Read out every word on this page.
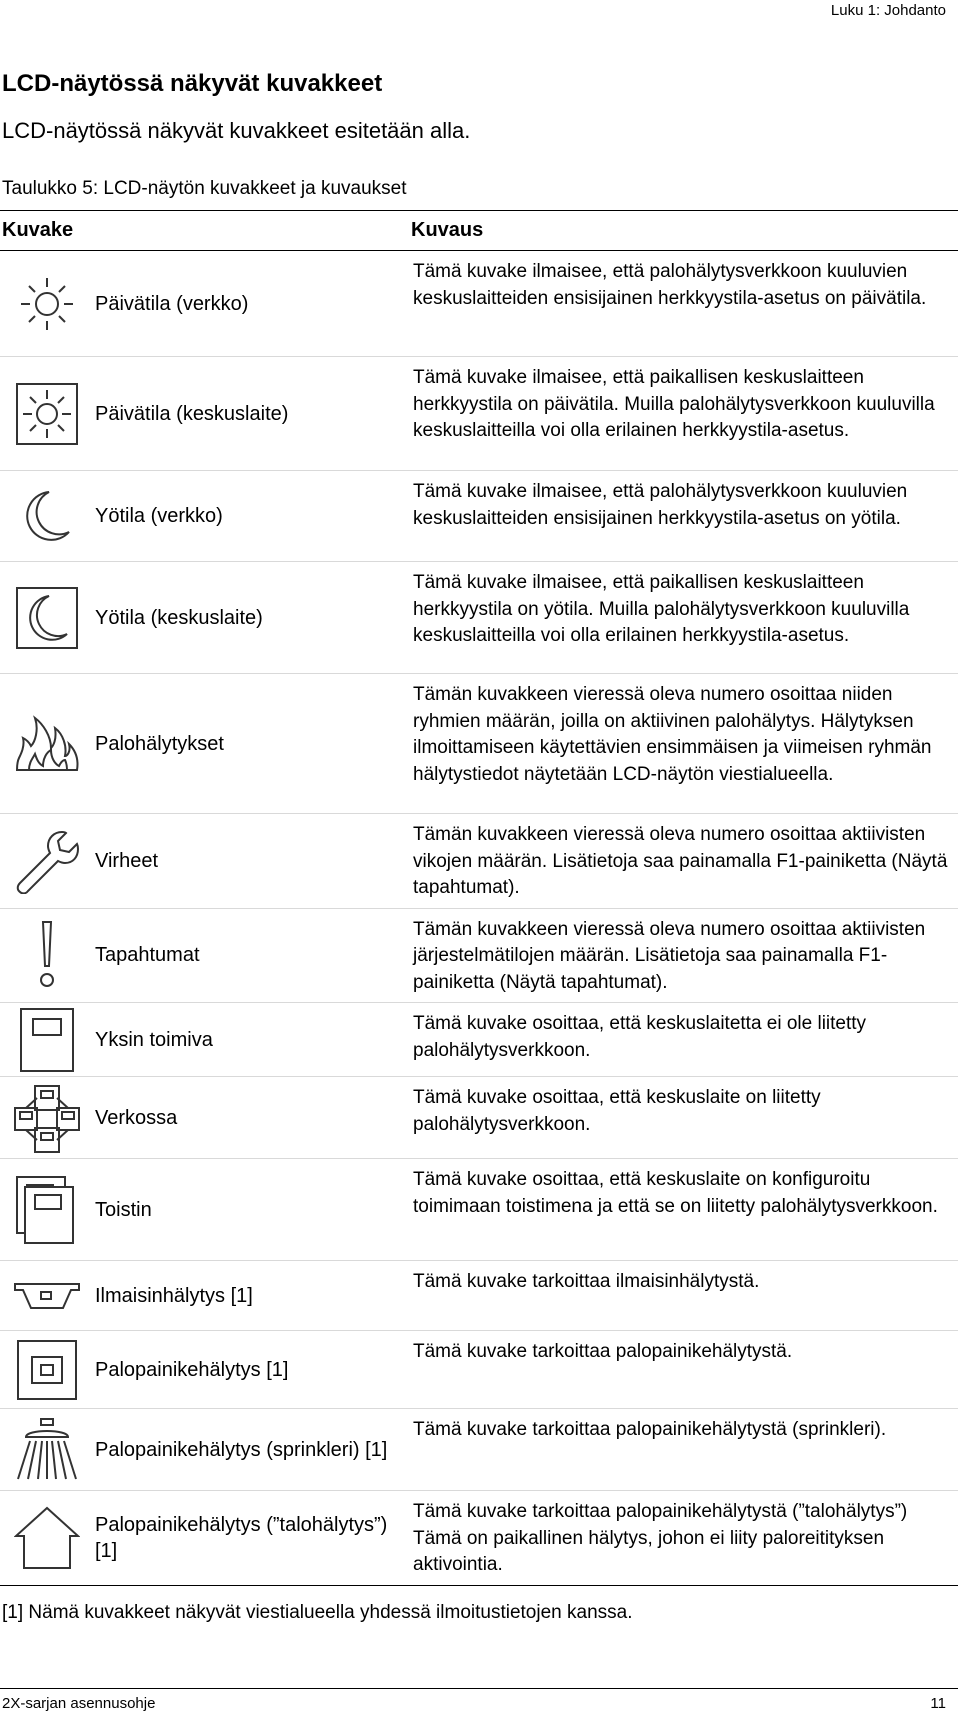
Luku 1: Johdanto
LCD-näytössä näkyvät kuvakkeet

LCD-näytössä näkyvät kuvakkeet esitetään alla.

Taulukko 5: LCD-näytön kuvakkeet ja kuvaukset

Kuvake		Kuvaus

	Päivätila (verkko)	Tämä kuvake ilmaisee, että palohälytysverkkoon kuuluvien keskuslaitteiden ensisijainen herkkyystila-asetus on päivätila.

	Päivätila (keskuslaite)	Tämä kuvake ilmaisee, että paikallisen keskuslaitteen herkkyystila on päivätila. Muilla palohälytysverkkoon kuuluvilla keskuslaitteilla voi olla erilainen herkkyystila-asetus.

	Yötila (verkko)	Tämä kuvake ilmaisee, että palohälytysverkkoon kuuluvien keskuslaitteiden ensisijainen herkkyystila-asetus on yötila.

	Yötila (keskuslaite)	Tämä kuvake ilmaisee, että paikallisen keskuslaitteen herkkyystila on yötila. Muilla palohälytysverkkoon kuuluvilla keskuslaitteilla voi olla erilainen herkkyystila-asetus.

	Palohälytykset	Tämän kuvakkeen vieressä oleva numero osoittaa niiden ryhmien määrän, joilla on aktiivinen palohälytys. Hälytyksen ilmoittamiseen käytettävien ensimmäisen ja viimeisen ryhmän hälytystiedot näytetään LCD-näytön viestialueella.

	Virheet	Tämän kuvakkeen vieressä oleva numero osoittaa aktiivisten vikojen määrän. Lisätietoja saa painamalla F1-painiketta (Näytä tapahtumat).

	Tapahtumat	Tämän kuvakkeen vieressä oleva numero osoittaa aktiivisten järjestelmätilojen määrän. Lisätietoja saa painamalla F1-painiketta (Näytä tapahtumat).

	Yksin toimiva	Tämä kuvake osoittaa, että keskuslaitetta ei ole liitetty palohälytysverkkoon.

	Verkossa	Tämä kuvake osoittaa, että keskuslaite on liitetty palohälytysverkkoon.

	Toistin	Tämä kuvake osoittaa, että keskuslaite on konfiguroitu toimimaan toistimena ja että se on liitetty palohälytysverkkoon.

	Ilmaisinhälytys [1]	Tämä kuvake tarkoittaa ilmaisinhälytystä.

	Palopainikehälytys [1]	Tämä kuvake tarkoittaa palopainikehälytystä.

	Palopainikehälytys (sprinkleri) [1]	Tämä kuvake tarkoittaa palopainikehälytystä (sprinkleri).

	Palopainikehälytys (”talohälytys”) [1]	Tämä kuvake tarkoittaa palopainikehälytystä (”talohälytys”) Tämä on paikallinen hälytys, johon ei liity paloreitityksen aktivointia.

[1] Nämä kuvakkeet näkyvät viestialueella yhdessä ilmoitustietojen kanssa.

2X-sarjan asennusohje	11
